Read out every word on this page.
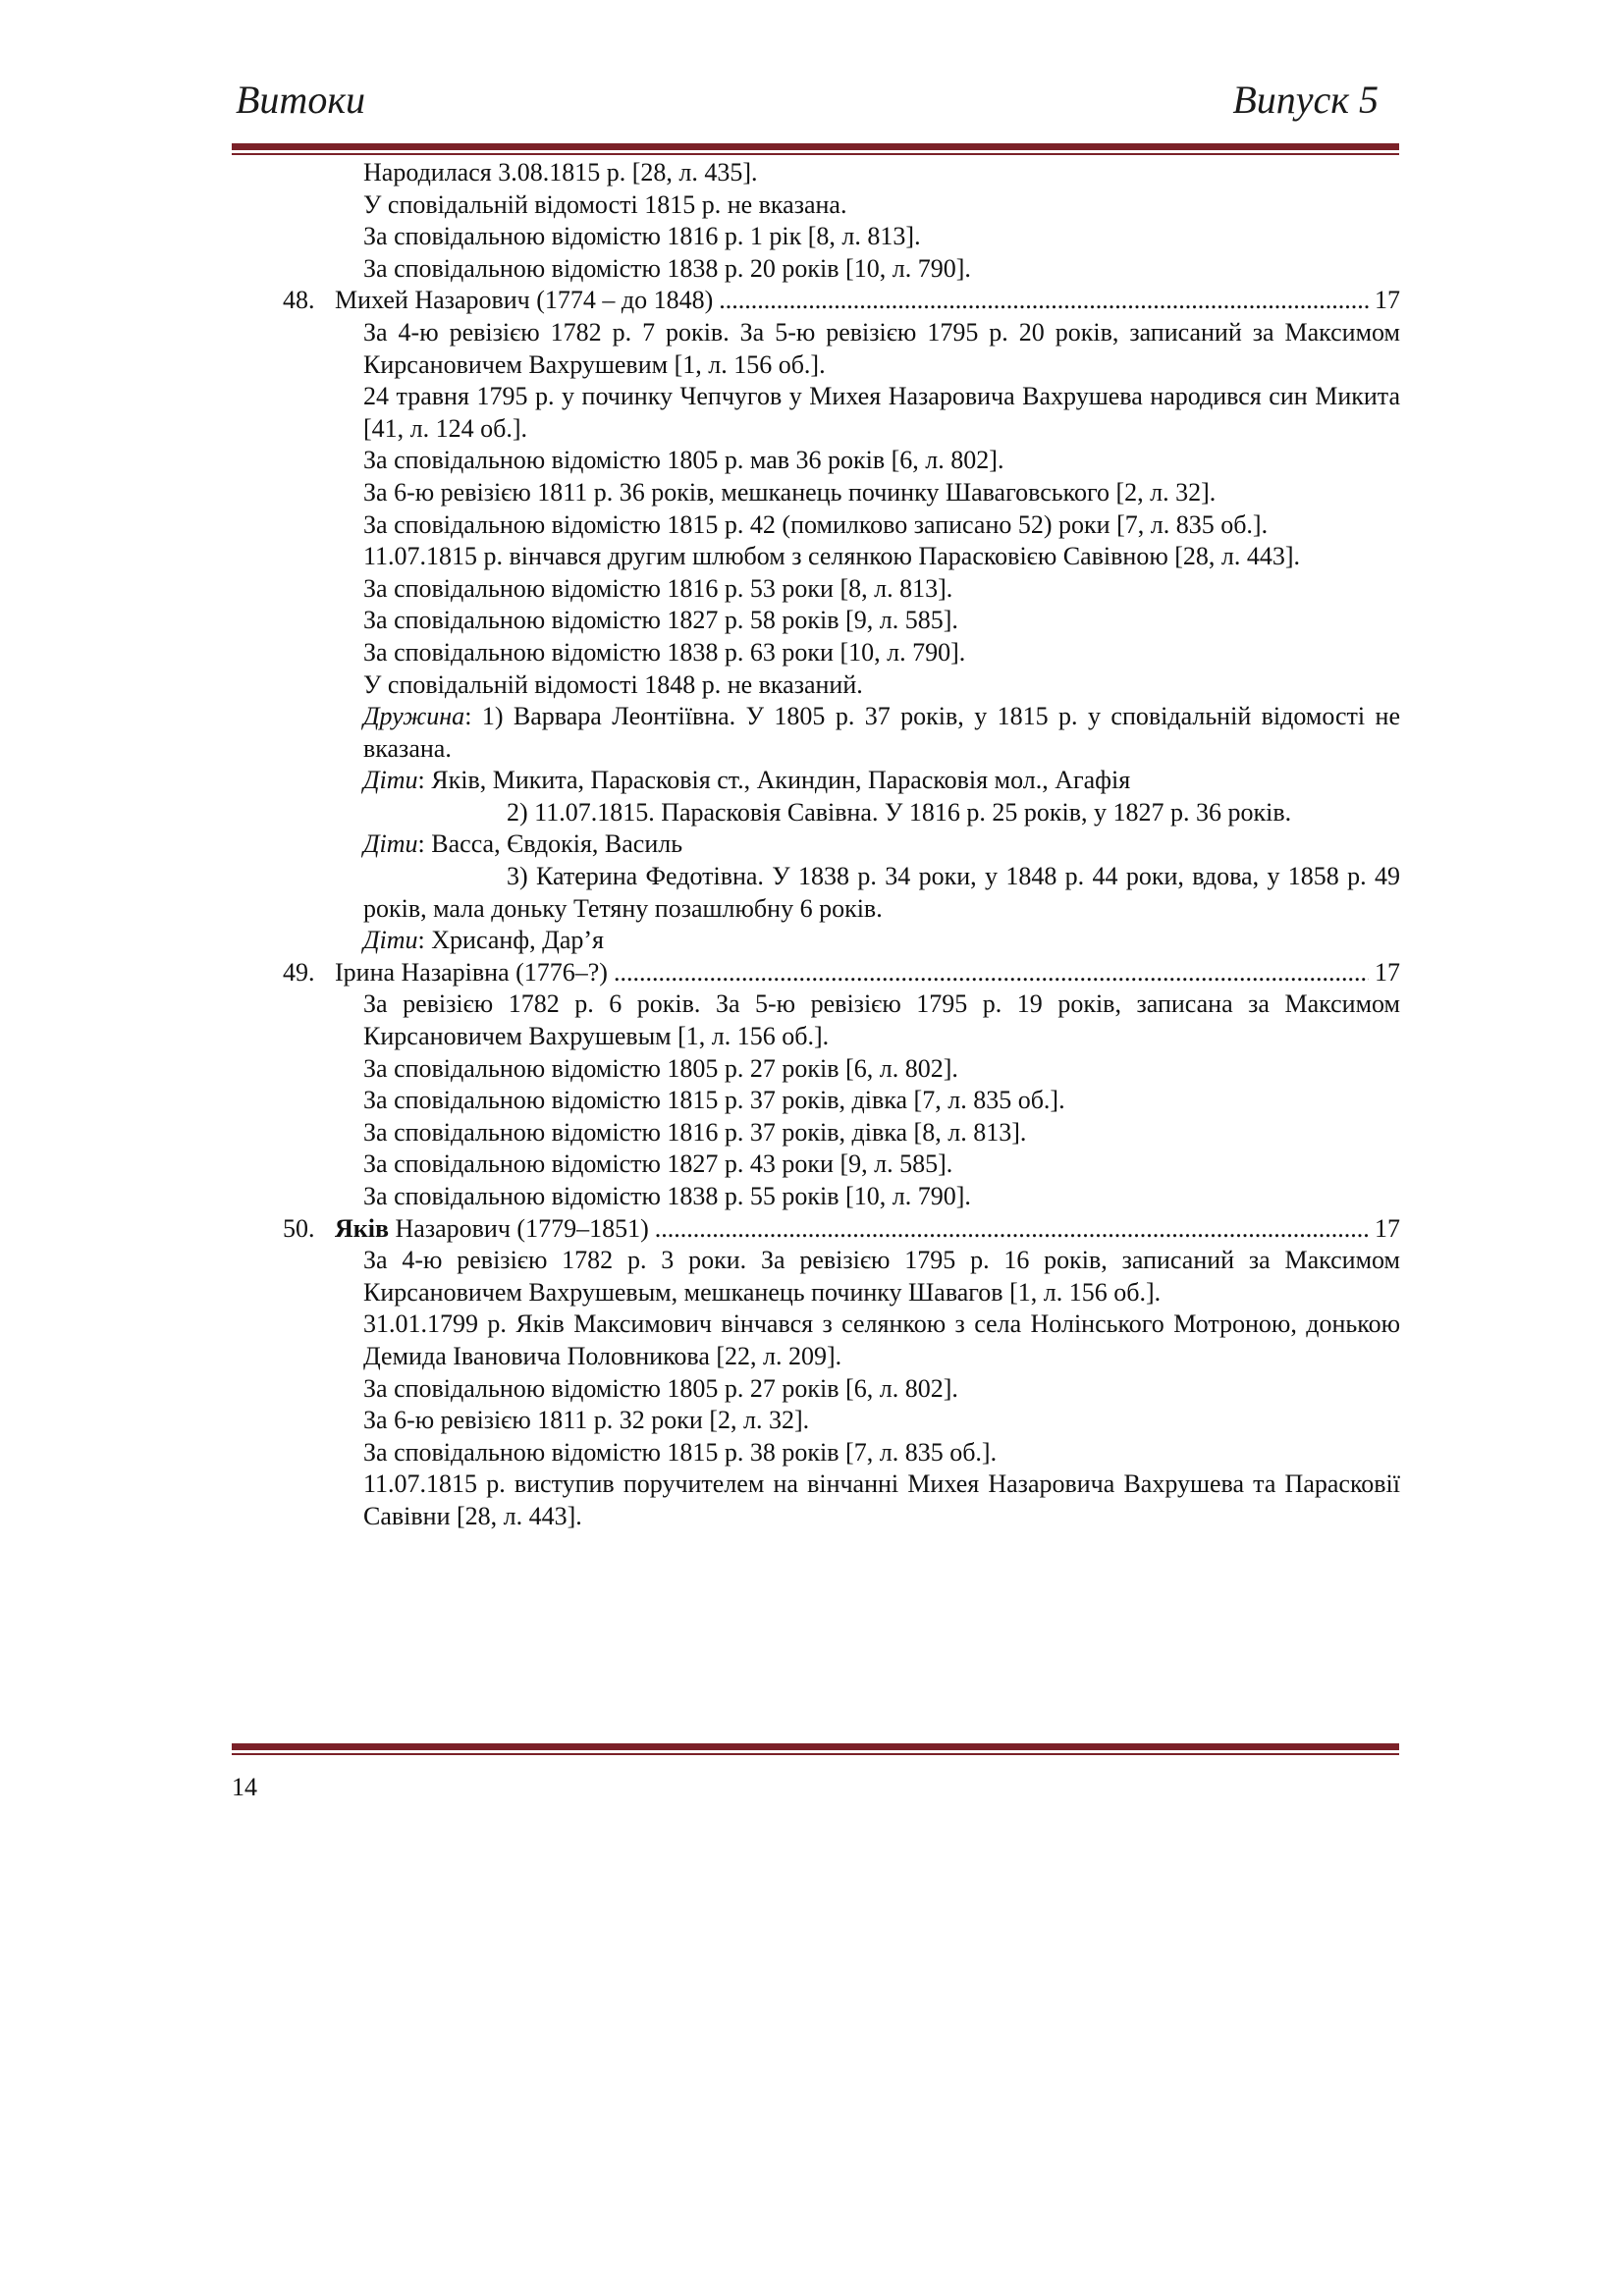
Витоки	Випуск 5

Народилася 3.08.1815 р. [28, л. 435].

У сповідальній відомості 1815 р. не вказана.

За сповідальною відомістю 1816 р. 1 рік [8, л. 813].

За сповідальною відомістю 1838 р. 20 років [10, л. 790].

48. Михей Назарович (1774 – до 1848) .....	17

За 4-ю ревізією 1782 р. 7 років. За 5-ю ревізією 1795 р. 20 років, записаний за Максимом Кирсановичем Вахрушевим [1, л. 156 об.].

24 травня 1795 р. у починку Чепчугов у Михея Назаровича Вахрушева народився син Микита [41, л. 124 об.].

За сповідальною відомістю 1805 р. мав 36 років [6, л. 802].

За 6-ю ревізією 1811 р. 36 років, мешканець починку Шаваговського [2, л. 32].

За сповідальною відомістю 1815 р. 42 (помилково записано 52) роки [7, л. 835 об.].

11.07.1815 р. вінчався другим шлюбом з селянкою Парасковією Савівною [28, л. 443].

За сповідальною відомістю 1816 р. 53 роки [8, л. 813].

За сповідальною відомістю 1827 р. 58 років [9, л. 585].

За сповідальною відомістю 1838 р. 63 роки [10, л. 790].

У сповідальній відомості 1848 р. не вказаний.

Дружина: 1) Варвара Леонтіївна. У 1805 р. 37 років, у 1815 р. у сповідальній відомості не вказана.

Діти: Яків, Микита, Парасковія ст., Акиндин, Парасковія мол., Агафія

2) 11.07.1815. Парасковія Савівна. У 1816 р. 25 років, у 1827 р. 36 років.

Діти: Васса, Євдокія, Василь

3) Катерина Федотівна. У 1838 р. 34 роки, у 1848 р. 44 роки, вдова, у 1858 р. 49 років, мала доньку Тетяну позашлюбну 6 років.

Діти: Хрисанф, Дар’я

49. Ірина Назарівна (1776–?) .....	17

За ревізією 1782 р. 6 років. За 5-ю ревізією 1795 р. 19 років, записана за Максимом Кирсановичем Вахрушевым [1, л. 156 об.].

За сповідальною відомістю 1805 р. 27 років [6, л. 802].

За сповідальною відомістю 1815 р. 37 років, дівка [7, л. 835 об.].

За сповідальною відомістю 1816 р. 37 років, дівка [8, л. 813].

За сповідальною відомістю 1827 р. 43 роки [9, л. 585].

За сповідальною відомістю 1838 р. 55 років [10, л. 790].

50. Яків Назарович (1779–1851) .....	17

За 4-ю ревізією 1782 р. 3 роки. За ревізією 1795 р. 16 років, записаний за Максимом Кирсановичем Вахрушевым, мешканець починку Шавагов [1, л. 156 об.].

31.01.1799 р. Яків Максимович вінчався з селянкою з села Нолінського Мотроною, донькою Демида Івановича Половникова [22, л. 209].

За сповідальною відомістю 1805 р. 27 років [6, л. 802].

За 6-ю ревізією 1811 р. 32 роки [2, л. 32].

За сповідальною відомістю 1815 р. 38 років [7, л. 835 об.].

11.07.1815 р. виступив поручителем на вінчанні Михея Назаровича Вахрушева та Парасковії Савівни [28, л. 443].

14
